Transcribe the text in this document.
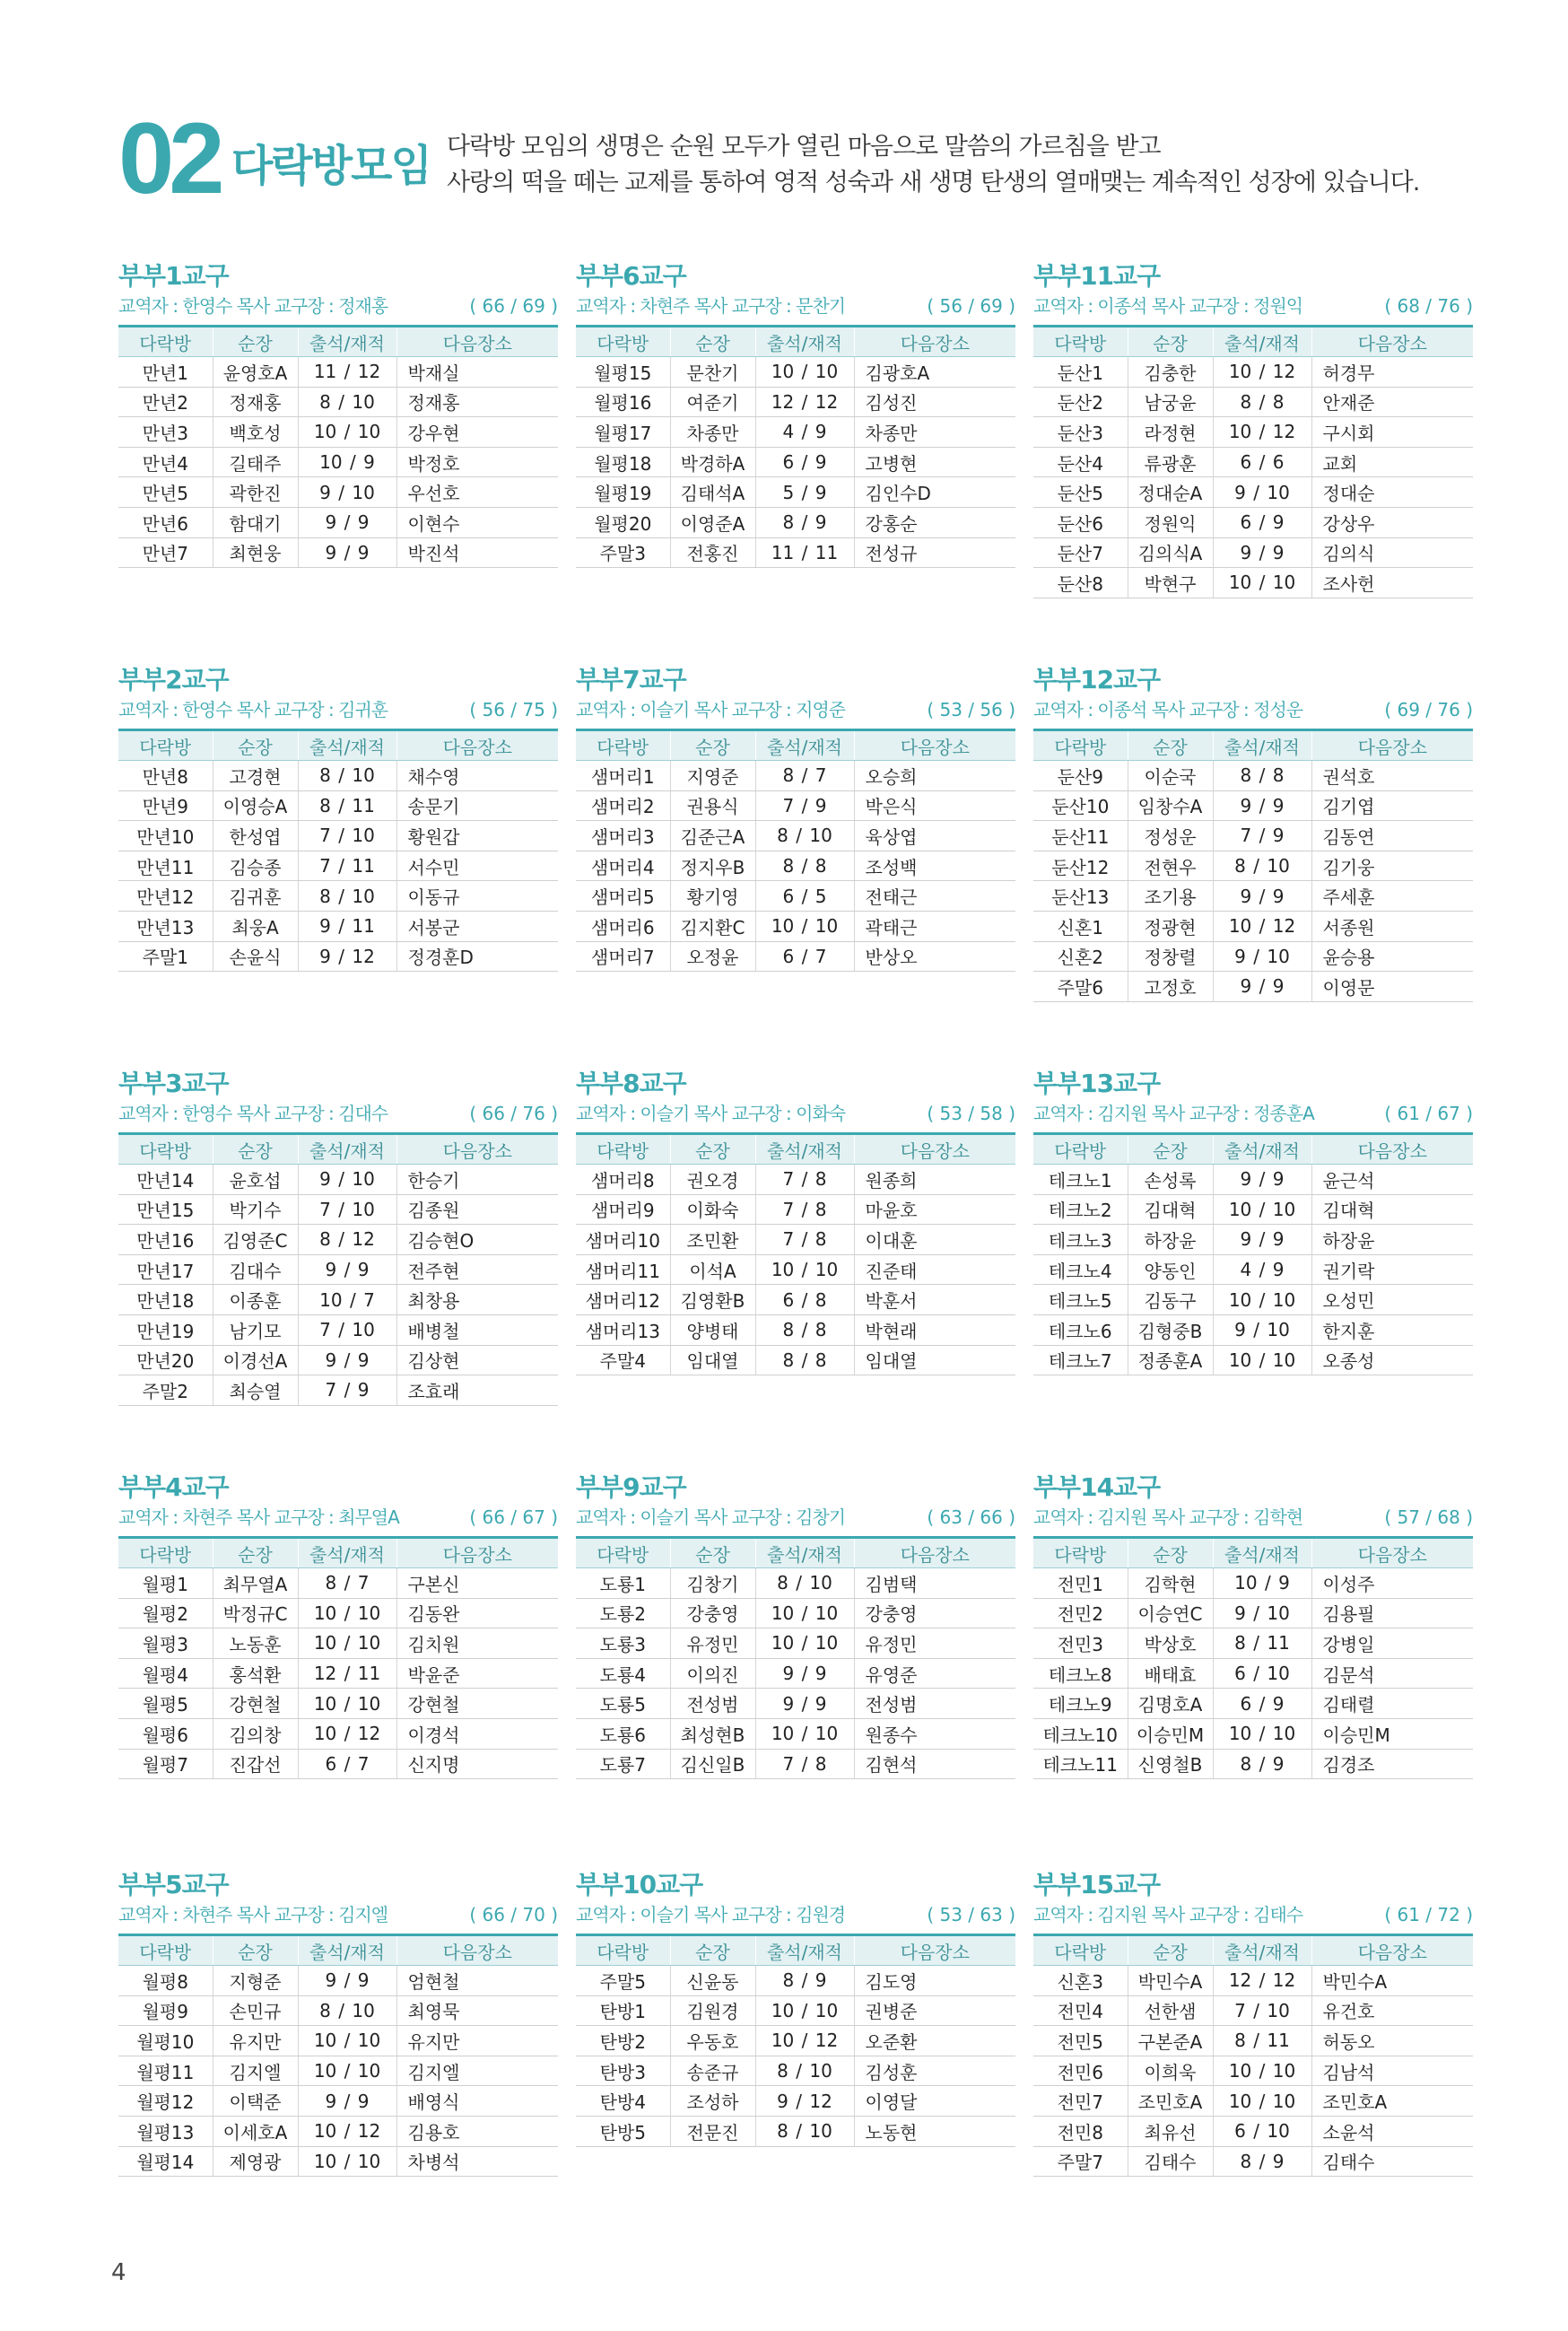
02 다락방모임 다락방 모임의 생명은 순원 모두가 열린 마음으로 말씀의 가르침을 받고
사랑의 떡을 떼는 교제를 통하여 영적 성숙과 새 생명 탄생의 열매맺는 계속적인 성장에 있습니다.
부부1교구
교역자 : 한영수 목사 교구장 : 정재홍	( 66 / 69 )
다락방	순장	출석/재적	다음장소
만년1	윤영호A	11 / 12	박재실
만년2	정재홍	8 / 10	정재홍
만년3	백호성	10 / 10	강우현
만년4	길태주	10 / 9	박정호
만년5	곽한진	9 / 10	우선호
만년6	함대기	9 / 9	이현수
만년7	최현웅	9 / 9	박진석
부부6교구
교역자 : 차현주 목사 교구장 : 문찬기	( 56 / 69 )
다락방	순장	출석/재적	다음장소
월평15	문찬기	10 / 10	김광호A
월평16	여준기	12 / 12	김성진
월평17	차종만	4 / 9	차종만
월평18	박경하A	6 / 9	고병현
월평19	김태석A	5 / 9	김인수D
월평20	이영준A	8 / 9	강홍순
주말3	전홍진	11 / 11	전성규
부부11교구
교역자 : 이종석 목사 교구장 : 정원익	( 68 / 76 )
다락방	순장	출석/재적	다음장소
둔산1	김충한	10 / 12	허경무
둔산2	남궁윤	8 / 8	안재준
둔산3	라정현	10 / 12	구시회
둔산4	류광훈	6 / 6	교회
둔산5	정대순A	9 / 10	정대순
둔산6	정원익	6 / 9	강상우
둔산7	김의식A	9 / 9	김의식
둔산8	박현구	10 / 10	조사헌
부부2교구
교역자 : 한영수 목사 교구장 : 김귀훈	( 56 / 75 )
다락방	순장	출석/재적	다음장소
만년8	고경현	8 / 10	채수영
만년9	이영승A	8 / 11	송문기
만년10	한성엽	7 / 10	황원갑
만년11	김승종	7 / 11	서수민
만년12	김귀훈	8 / 10	이동규
만년13	최웅A	9 / 11	서봉군
주말1	손윤식	9 / 12	정경훈D
부부7교구
교역자 : 이슬기 목사 교구장 : 지영준	( 53 / 56 )
다락방	순장	출석/재적	다음장소
샘머리1	지영준	8 / 7	오승희
샘머리2	권용식	7 / 9	박은식
샘머리3	김준근A	8 / 10	육상엽
샘머리4	정지우B	8 / 8	조성백
샘머리5	황기영	6 / 5	전태근
샘머리6	김지환C	10 / 10	곽태근
샘머리7	오정윤	6 / 7	반상오
부부12교구
교역자 : 이종석 목사 교구장 : 정성운	( 69 / 76 )
다락방	순장	출석/재적	다음장소
둔산9	이순국	8 / 8	권석호
둔산10	임창수A	9 / 9	김기엽
둔산11	정성운	7 / 9	김동연
둔산12	전현우	8 / 10	김기웅
둔산13	조기용	9 / 9	주세훈
신혼1	정광현	10 / 12	서종원
신혼2	정창렬	9 / 10	윤승용
주말6	고정호	9 / 9	이영문
부부3교구
교역자 : 한영수 목사 교구장 : 김대수	( 66 / 76 )
다락방	순장	출석/재적	다음장소
만년14	윤호섭	9 / 10	한승기
만년15	박기수	7 / 10	김종원
만년16	김영준C	8 / 12	김승현O
만년17	김대수	9 / 9	전주현
만년18	이종훈	10 / 7	최창용
만년19	남기모	7 / 10	배병철
만년20	이경선A	9 / 9	김상현
주말2	최승열	7 / 9	조효래
부부8교구
교역자 : 이슬기 목사 교구장 : 이화숙	( 53 / 58 )
다락방	순장	출석/재적	다음장소
샘머리8	권오경	7 / 8	원종희
샘머리9	이화숙	7 / 8	마윤호
샘머리10	조민환	7 / 8	이대훈
샘머리11	이석A	10 / 10	진준태
샘머리12	김영환B	6 / 8	박훈서
샘머리13	양병태	8 / 8	박현래
주말4	임대열	8 / 8	임대열
부부13교구
교역자 : 김지원 목사 교구장 : 정종훈A	( 61 / 67 )
다락방	순장	출석/재적	다음장소
테크노1	손성록	9 / 9	윤근석
테크노2	김대혁	10 / 10	김대혁
테크노3	하장윤	9 / 9	하장윤
테크노4	양동인	4 / 9	권기락
테크노5	김동구	10 / 10	오성민
테크노6	김형중B	9 / 10	한지훈
테크노7	정종훈A	10 / 10	오종성
부부4교구
교역자 : 차현주 목사 교구장 : 최무열A	( 66 / 67 )
다락방	순장	출석/재적	다음장소
월평1	최무열A	8 / 7	구본신
월평2	박정규C	10 / 10	김동완
월평3	노동훈	10 / 10	김치원
월평4	홍석환	12 / 11	박윤준
월평5	강현철	10 / 10	강현철
월평6	김의창	10 / 12	이경석
월평7	진갑선	6 / 7	신지명
부부9교구
교역자 : 이슬기 목사 교구장 : 김창기	( 63 / 66 )
다락방	순장	출석/재적	다음장소
도룡1	김창기	8 / 10	김범택
도룡2	강충영	10 / 10	강충영
도룡3	유정민	10 / 10	유정민
도룡4	이의진	9 / 9	유영준
도룡5	전성범	9 / 9	전성범
도룡6	최성현B	10 / 10	원종수
도룡7	김신일B	7 / 8	김현석
부부14교구
교역자 : 김지원 목사 교구장 : 김학현	( 57 / 68 )
다락방	순장	출석/재적	다음장소
전민1	김학현	10 / 9	이성주
전민2	이승연C	9 / 10	김용필
전민3	박상호	8 / 11	강병일
테크노8	배태효	6 / 10	김문석
테크노9	김명호A	6 / 9	김태렬
테크노10	이승민M	10 / 10	이승민M
테크노11	신영철B	8 / 9	김경조
부부5교구
교역자 : 차현주 목사 교구장 : 김지엘	( 66 / 70 )
다락방	순장	출석/재적	다음장소
월평8	지형준	9 / 9	엄현철
월평9	손민규	8 / 10	최영묵
월평10	유지만	10 / 10	유지만
월평11	김지엘	10 / 10	김지엘
월평12	이택준	9 / 9	배영식
월평13	이세호A	10 / 12	김용호
월평14	제영광	10 / 10	차병석
부부10교구
교역자 : 이슬기 목사 교구장 : 김원경	( 53 / 63 )
다락방	순장	출석/재적	다음장소
주말5	신윤동	8 / 9	김도영
탄방1	김원경	10 / 10	권병준
탄방2	우동호	10 / 12	오준환
탄방3	송준규	8 / 10	김성훈
탄방4	조성하	9 / 12	이영달
탄방5	전문진	8 / 10	노동현
부부15교구
교역자 : 김지원 목사 교구장 : 김태수	( 61 / 72 )
다락방	순장	출석/재적	다음장소
신혼3	박민수A	12 / 12	박민수A
전민4	선한샘	7 / 10	유건호
전민5	구본준A	8 / 11	허동오
전민6	이희욱	10 / 10	김남석
전민7	조민호A	10 / 10	조민호A
전민8	최유선	6 / 10	소윤석
주말7	김태수	8 / 9	김태수
4
